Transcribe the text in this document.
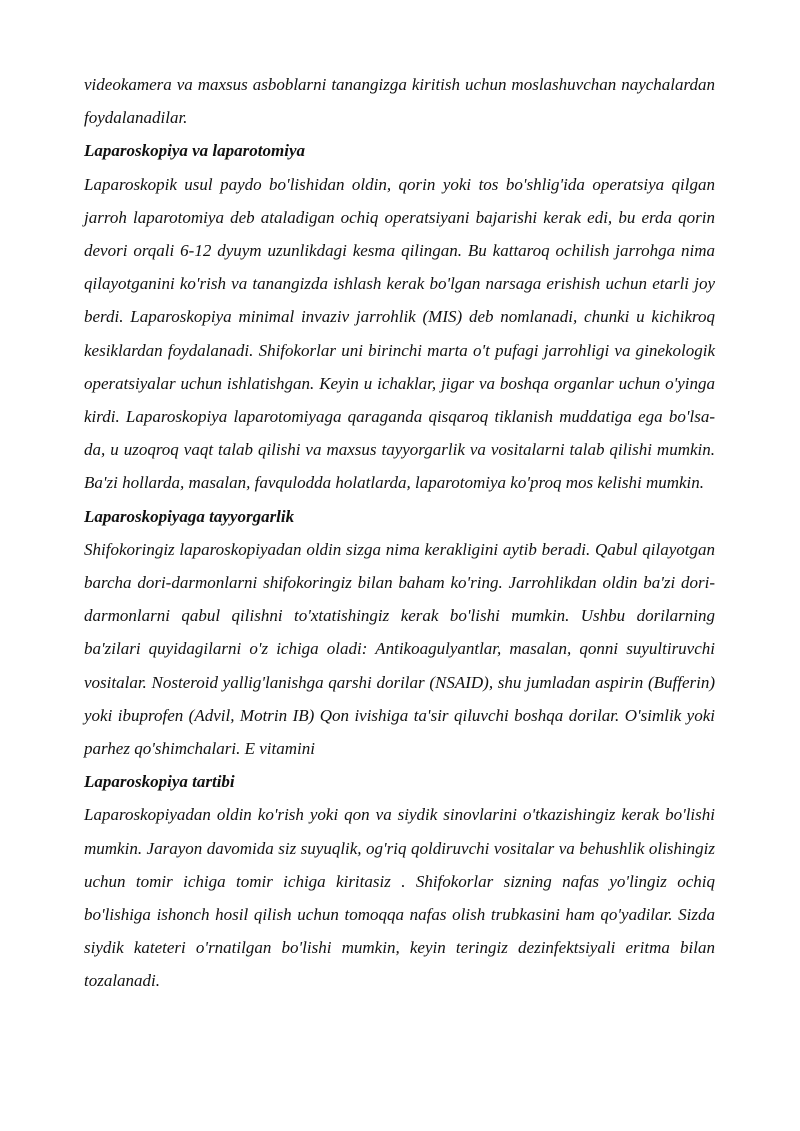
videokamera va maxsus asboblarni tanangizga kiritish uchun moslashuvchan naychalardan foydalanadilar.

Laparoskopiya va laparotomiya

Laparoskopik usul paydo bo'lishidan oldin, qorin yoki tos bo'shlig'ida operatsiya qilgan jarroh laparotomiya deb ataladigan ochiq operatsiyani bajarishi kerak edi, bu erda qorin devori orqali 6-12 dyuym uzunlikdagi kesma qilingan. Bu kattaroq ochilish jarrohga nima qilayotganini ko'rish va tanangizda ishlash kerak bo'lgan narsaga erishish uchun etarli joy berdi. Laparoskopiya minimal invaziv jarrohlik (MIS) deb nomlanadi, chunki u kichikroq kesiklardan foydalanadi. Shifokorlar uni birinchi marta o't pufagi jarrohligi va ginekologik operatsiyalar uchun ishlatishgan. Keyin u ichaklar, jigar va boshqa organlar uchun o'yinga kirdi. Laparoskopiya laparotomiyaga qaraganda qisqaroq tiklanish muddatiga ega bo'lsa-da, u uzoqroq vaqt talab qilishi va maxsus tayyorgarlik va vositalarni talab qilishi mumkin. Ba'zi hollarda, masalan, favqulodda holatlarda, laparotomiya ko'proq mos kelishi mumkin.

Laparoskopiyaga tayyorgarlik

Shifokoringiz laparoskopiyadan oldin sizga nima kerakligini aytib beradi. Qabul qilayotgan barcha dori-darmonlarni shifokoringiz bilan baham ko'ring. Jarrohlikdan oldin ba'zi dori-darmonlarni qabul qilishni to'xtatishingiz kerak bo'lishi mumkin. Ushbu dorilarning ba'zilari quyidagilarni o'z ichiga oladi: Antikoagulyantlar, masalan, qonni suyultiruvchi vositalar. Nosteroid yallig'lanishga qarshi dorilar (NSAID), shu jumladan aspirin (Bufferin) yoki ibuprofen (Advil, Motrin IB) Qon ivishiga ta'sir qiluvchi boshqa dorilar. O'simlik yoki parhez qo'shimchalari. E vitamini

Laparoskopiya tartibi

Laparoskopiyadan oldin ko'rish yoki qon va siydik sinovlarini o'tkazishingiz kerak bo'lishi mumkin. Jarayon davomida siz suyuqlik, og'riq qoldiruvchi vositalar va behushlik olishingiz uchun tomir ichiga tomir ichiga kiritasiz . Shifokorlar sizning nafas yo'lingiz ochiq bo'lishiga ishonch hosil qilish uchun tomoqqa nafas olish trubkasini ham qo'yadilar. Sizda siydik kateteri o'rnatilgan bo'lishi mumkin, keyin teringiz dezinfektsiyali eritma bilan tozalanadi.
